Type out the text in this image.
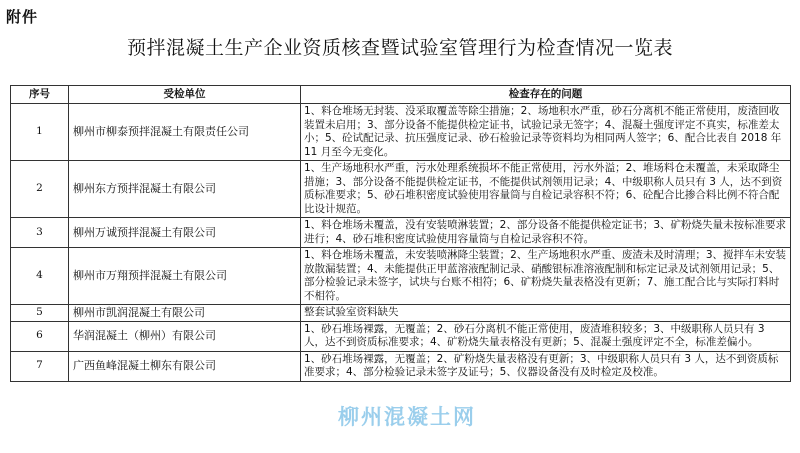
附件
预拌混凝土生产企业资质核查暨试验室管理行为检查情况一览表
序号	受检单位	检查存在的问题
1	柳州市柳泰预拌混凝土有限责任公司	1、料仓堆场无封装、没采取覆盖等除尘措施；2、场地积水严重，砂石分离机不能正常使用，废渣回收装置未启用；3、部分设备不能提供检定证书，试验记录无签字；4、混凝土强度评定不真实，标准差太小；5、砼试配记录、抗压强度记录、砂石检验记录等资料均为相同两人签字；6、配合比表自 2018 年 11 月至今无变化。
2	柳州东方预拌混凝土有限公司	1、生产场地积水严重，污水处理系统损坏不能正常使用，污水外溢；2、堆场料仓未覆盖，未采取降尘措施；3、部分设备不能提供检定证书，不能提供试剂领用记录；4、中级职称人员只有 3 人，达不到资质标准要求；5、砂石堆积密度试验使用容量筒与自检记录容积不符；6、砼配合比掺合料比例不符合配比设计规范。
3	柳州万诚预拌混凝土有限公司	1、料仓堆场未覆盖，没有安装喷淋装置；2、部分设备不能提供检定证书；3、矿粉烧失量未按标准要求进行；4、砂石堆积密度试验使用容量筒与自检记录容积不符。
4	柳州市万翔预拌混凝土有限公司	1、料仓堆场未覆盖，未安装喷淋降尘装置；2、生产场地积水严重、废渣未及时清理；3、搅拌车未安装放散漏装置；4、未能提供正甲蓝溶液配制记录、硝酸银标准溶液配制和标定记录及试剂领用记录；5、部分检验记录未签字，试块与台账不相符；6、矿粉烧失量表格没有更新；7、施工配合比与实际打料时不相符。
5	柳州市凯润混凝土有限公司	整套试验室资料缺失
6	华润混凝土（柳州）有限公司	1、砂石堆场裸露，无覆盖；2、砂石分离机不能正常使用，废渣堆积较多；3、中级职称人员只有 3 人，达不到资质标准要求；4、矿粉烧失量表格没有更新；5、混凝土强度评定不全，标准差偏小。
7	广西鱼峰混凝土柳东有限公司	1、砂石堆场裸露，无覆盖；2、矿粉烧失量表格没有更新；3、中级职称人员只有 3 人，达不到资质标准要求；4、部分检验记录未签字及证号；5、仪器设备没有及时检定及校准。
柳州混凝土网
